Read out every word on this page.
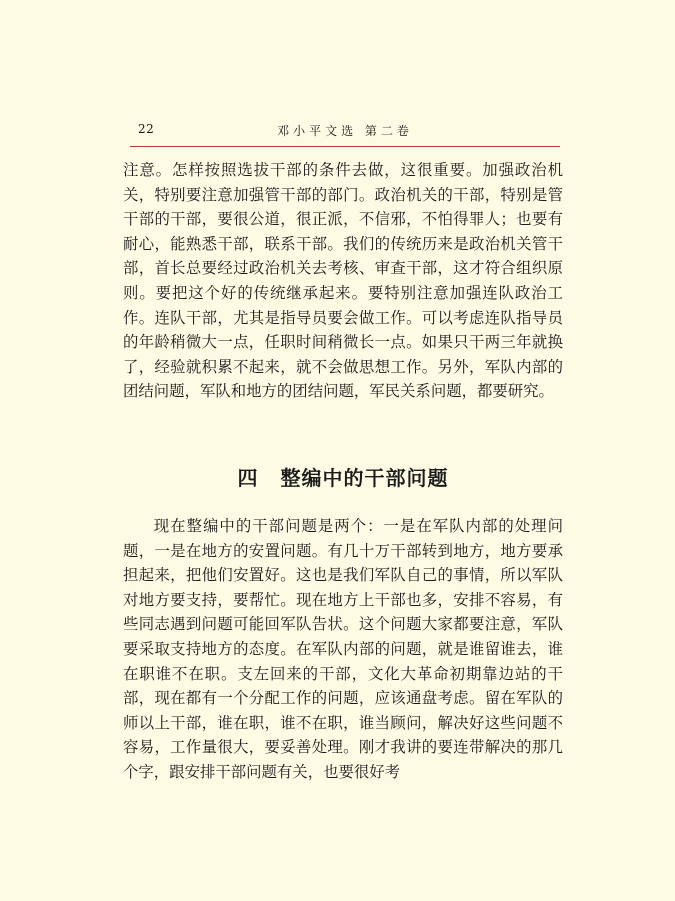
22	邓小平文选 第二卷

注意。怎样按照选拔干部的条件去做，这很重要。加强政治机关，特别要注意加强管干部的部门。政治机关的干部，特别是管干部的干部，要很公道，很正派，不信邪，不怕得罪人；也要有耐心，能熟悉干部，联系干部。我们的传统历来是政治机关管干部，首长总要经过政治机关去考核、审查干部，这才符合组织原则。要把这个好的传统继承起来。要特别注意加强连队政治工作。连队干部，尤其是指导员要会做工作。可以考虑连队指导员的年龄稍微大一点，任职时间稍微长一点。如果只干两三年就换了，经验就积累不起来，就不会做思想工作。另外，军队内部的团结问题，军队和地方的团结问题，军民关系问题，都要研究。

四 整编中的干部问题

现在整编中的干部问题是两个：一是在军队内部的处理问题，一是在地方的安置问题。有几十万干部转到地方，地方要承担起来，把他们安置好。这也是我们军队自己的事情，所以军队对地方要支持，要帮忙。现在地方上干部也多，安排不容易，有些同志遇到问题可能回军队告状。这个问题大家都要注意，军队要采取支持地方的态度。在军队内部的问题，就是谁留谁去，谁在职谁不在职。支左回来的干部，文化大革命初期靠边站的干部，现在都有一个分配工作的问题，应该通盘考虑。留在军队的师以上干部，谁在职，谁不在职，谁当顾问，解决好这些问题不容易，工作量很大，要妥善处理。刚才我讲的要连带解决的那几个字，跟安排干部问题有关，也要很好考
